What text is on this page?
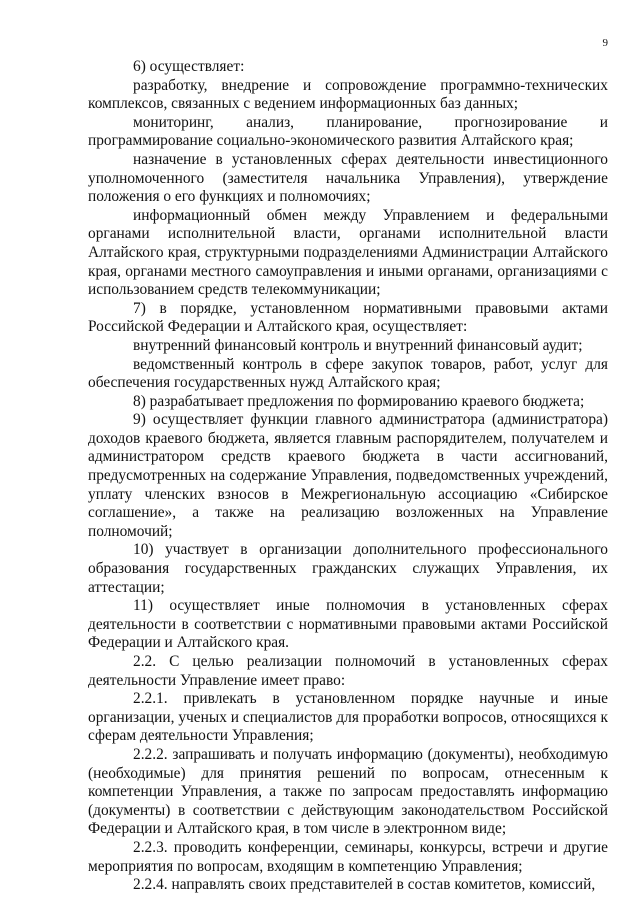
9

6) осуществляет:

разработку, внедрение и сопровождение программно-технических комплексов, связанных с ведением информационных баз данных;

мониторинг, анализ, планирование, прогнозирование и программирование социально-экономического развития Алтайского края;

назначение в установленных сферах деятельности инвестиционного уполномоченного (заместителя начальника Управления), утверждение положения о его функциях и полномочиях;

информационный обмен между Управлением и федеральными органами исполнительной власти, органами исполнительной власти Алтайского края, структурными подразделениями Администрации Алтайского края, органами местного самоуправления и иными органами, организациями с использованием средств телекоммуникации;

7) в порядке, установленном нормативными правовыми актами Российской Федерации и Алтайского края, осуществляет:

внутренний финансовый контроль и внутренний финансовый аудит;

ведомственный контроль в сфере закупок товаров, работ, услуг для обеспечения государственных нужд Алтайского края;

8) разрабатывает предложения по формированию краевого бюджета;

9) осуществляет функции главного администратора (администратора) доходов краевого бюджета, является главным распорядителем, получателем и администратором средств краевого бюджета в части ассигнований, предусмотренных на содержание Управления, подведомственных учреждений, уплату членских взносов в Межрегиональную ассоциацию «Сибирское соглашение», а также на реализацию возложенных на Управление полномочий;

10) участвует в организации дополнительного профессионального образования государственных гражданских служащих Управления, их аттестации;

11) осуществляет иные полномочия в установленных сферах деятельности в соответствии с нормативными правовыми актами Российской Федерации и Алтайского края.

2.2. С целью реализации полномочий в установленных сферах деятельности Управление имеет право:

2.2.1. привлекать в установленном порядке научные и иные организации, ученых и специалистов для проработки вопросов, относящихся к сферам деятельности Управления;

2.2.2. запрашивать и получать информацию (документы), необходимую (необходимые) для принятия решений по вопросам, отнесенным к компетенции Управления, а также по запросам предоставлять информацию (документы) в соответствии с действующим законодательством Российской Федерации и Алтайского края, в том числе в электронном виде;

2.2.3. проводить конференции, семинары, конкурсы, встречи и другие мероприятия по вопросам, входящим в компетенцию Управления;

2.2.4. направлять своих представителей в состав комитетов, комиссий,
